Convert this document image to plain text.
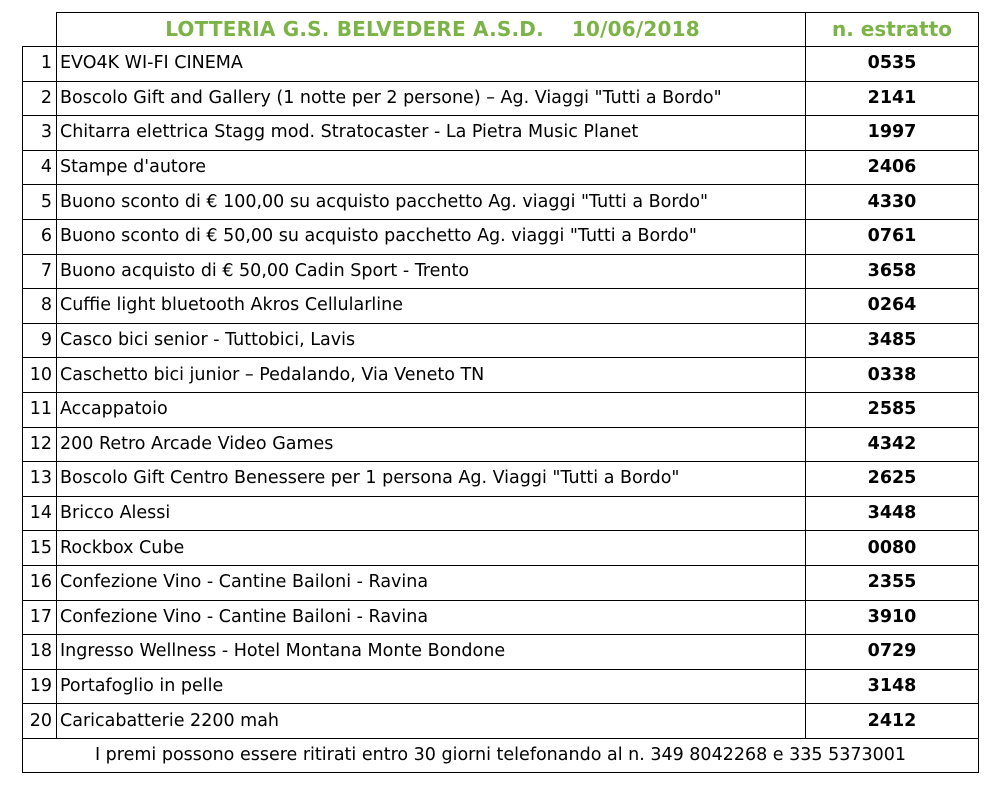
	LOTTERIA G.S. BELVEDERE A.S.D. 10/06/2018	n. estratto
1	EVO4K WI-FI CINEMA	0535
2	Boscolo Gift and Gallery (1 notte per 2 persone) – Ag. Viaggi "Tutti a Bordo"	2141
3	Chitarra elettrica Stagg mod. Stratocaster - La Pietra Music Planet	1997
4	Stampe d'autore	2406
5	Buono sconto di € 100,00 su acquisto pacchetto Ag. viaggi "Tutti a Bordo"	4330
6	Buono sconto di € 50,00 su acquisto pacchetto Ag. viaggi "Tutti a Bordo"	0761
7	Buono acquisto di € 50,00 Cadin Sport - Trento	3658
8	Cuffie light bluetooth Akros Cellularline	0264
9	Casco bici senior - Tuttobici, Lavis	3485
10	Caschetto bici junior – Pedalando, Via Veneto TN	0338
11	Accappatoio	2585
12	200 Retro Arcade Video Games	4342
13	Boscolo Gift Centro Benessere per 1 persona Ag. Viaggi "Tutti a Bordo"	2625
14	Bricco Alessi	3448
15	Rockbox Cube	0080
16	Confezione Vino - Cantine Bailoni - Ravina	2355
17	Confezione Vino - Cantine Bailoni - Ravina	3910
18	Ingresso Wellness - Hotel Montana Monte Bondone	0729
19	Portafoglio in pelle	3148
20	Caricabatterie 2200 mah	2412
I premi possono essere ritirati entro 30 giorni telefonando al n. 349 8042268 e 335 5373001		
